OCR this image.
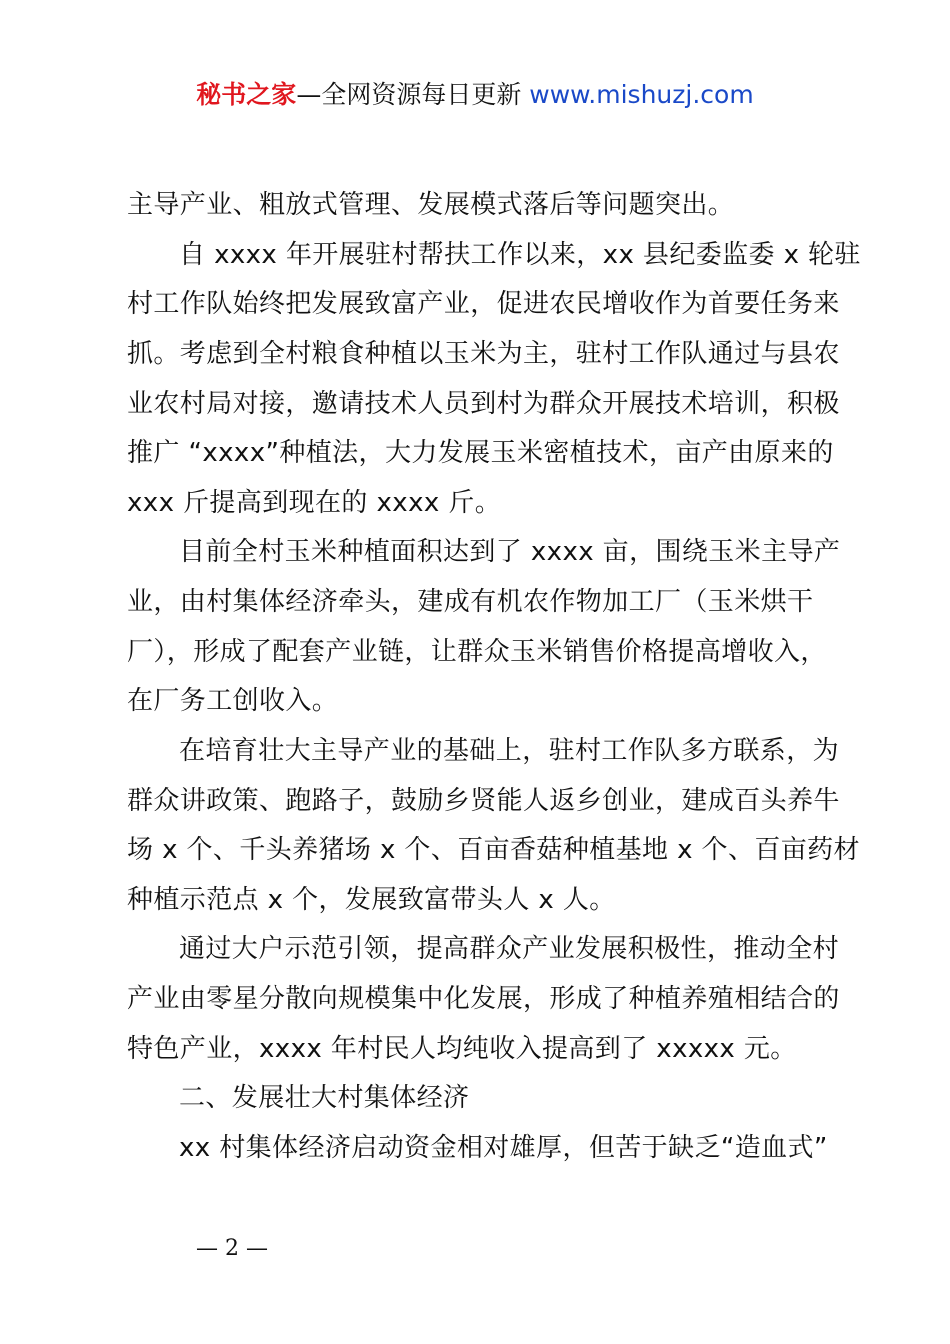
秘书之家—全网资源每日更新 www.mishuzj.com
主导产业、粗放式管理、发展模式落后等问题突出。
自 xxxx 年开展驻村帮扶工作以来，xx 县纪委监委 x 轮驻
村工作队始终把发展致富产业，促进农民增收作为首要任务来
抓。考虑到全村粮食种植以玉米为主，驻村工作队通过与县农
业农村局对接，邀请技术人员到村为群众开展技术培训，积极
推广 “xxxx”种植法，大力发展玉米密植技术，亩产由原来的
xxx 斤提高到现在的 xxxx 斤。
目前全村玉米种植面积达到了 xxxx 亩，围绕玉米主导产
业，由村集体经济牵头，建成有机农作物加工厂（玉米烘干
厂），形成了配套产业链，让群众玉米销售价格提高增收入，
在厂务工创收入。
在培育壮大主导产业的基础上，驻村工作队多方联系，为
群众讲政策、跑路子，鼓励乡贤能人返乡创业，建成百头养牛
场 x 个、千头养猪场 x 个、百亩香菇种植基地 x 个、百亩药材
种植示范点 x 个，发展致富带头人 x 人。
通过大户示范引领，提高群众产业发展积极性，推动全村
产业由零星分散向规模集中化发展，形成了种植养殖相结合的
特色产业，xxxx 年村民人均纯收入提高到了 xxxxx 元。
二、发展壮大村集体经济
xx 村集体经济启动资金相对雄厚，但苦于缺乏“造血式”
— 2 —
